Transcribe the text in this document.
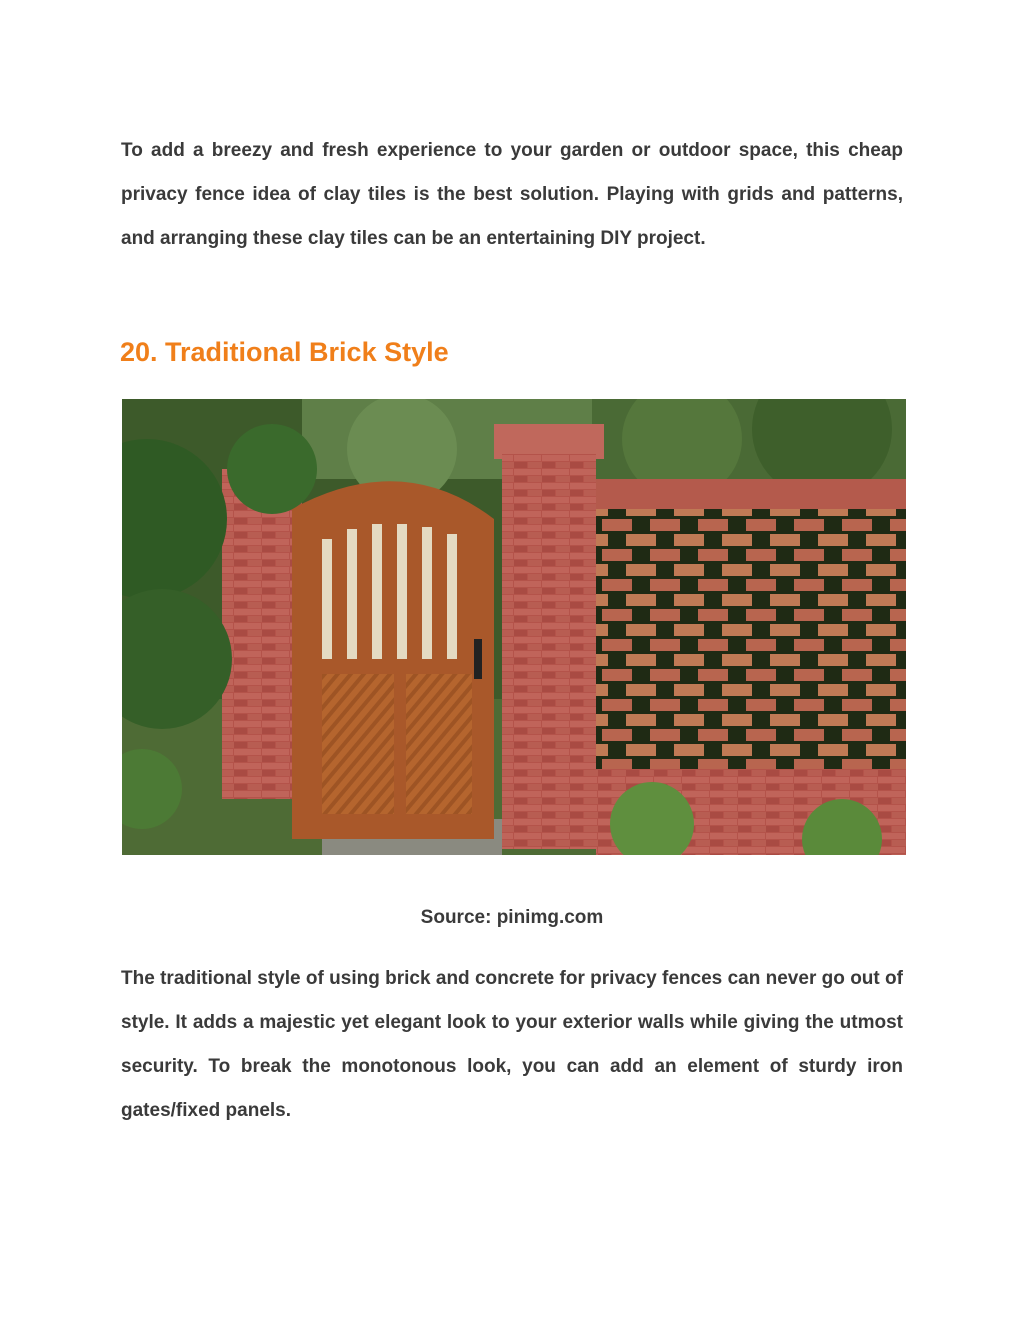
To add a breezy and fresh experience to your garden or outdoor space, this cheap privacy fence idea of clay tiles is the best solution. Playing with grids and patterns, and arranging these clay tiles can be an entertaining DIY project.

20. Traditional Brick Style

Source: pinimg.com

The traditional style of using brick and concrete for privacy fences can never go out of style. It adds a majestic yet elegant look to your exterior walls while giving the utmost security. To break the monotonous look, you can add an element of sturdy iron gates/fixed panels.
